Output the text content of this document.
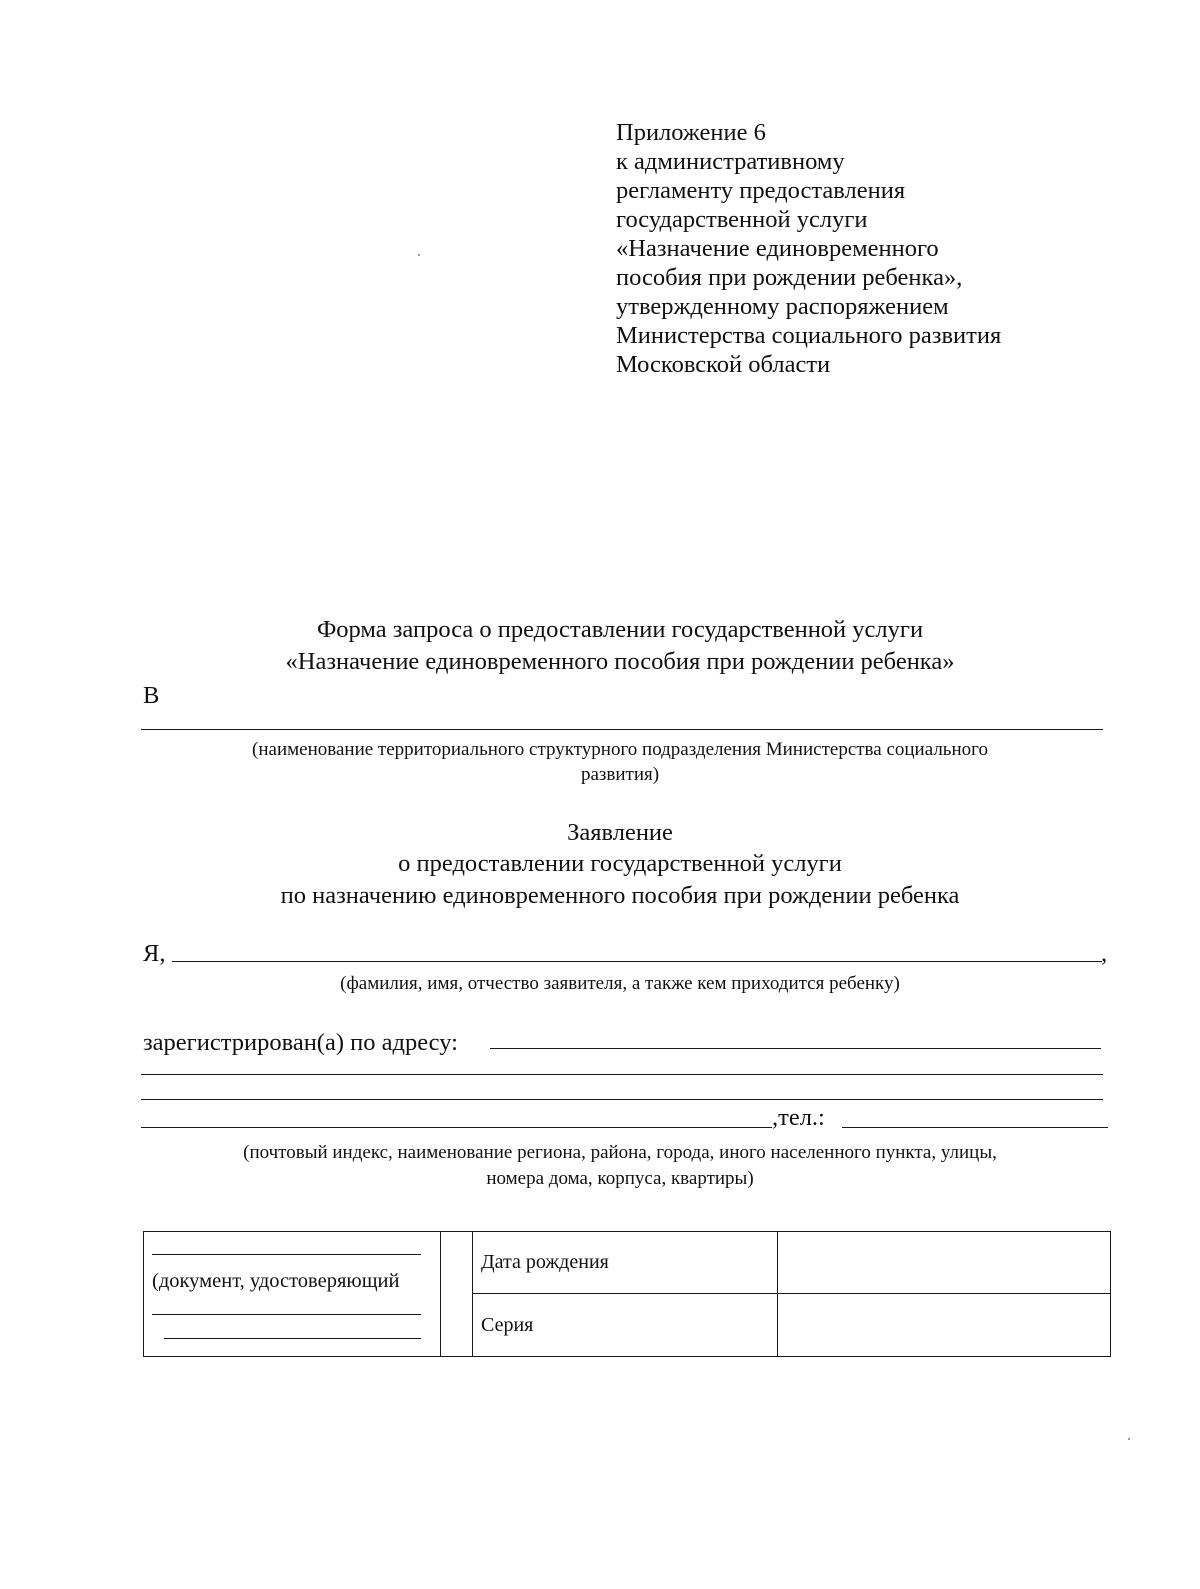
Приложение 6
к административному
регламенту предоставления
государственной услуги
«Назначение единовременного
пособия при рождении ребенка»,
утвержденному распоряжением
Министерства социального развития
Московской области
Форма запроса о предоставлении государственной услуги
«Назначение единовременного пособия при рождении ребенка»
В
(наименование территориального структурного подразделения Министерства социального
развития)
Заявление
о предоставлении государственной услуги
по назначению единовременного пособия при рождении ребенка
Я,	,
(фамилия, имя, отчество заявителя, а также кем приходится ребенку)
зарегистрирован(а) по адресу:
,тел.:
(почтовый индекс, наименование региона, района, города, иного населенного пункта, улицы,
номера дома, корпуса, квартиры)
(документ, удостоверяющий		Дата рождения	

		Серия	
